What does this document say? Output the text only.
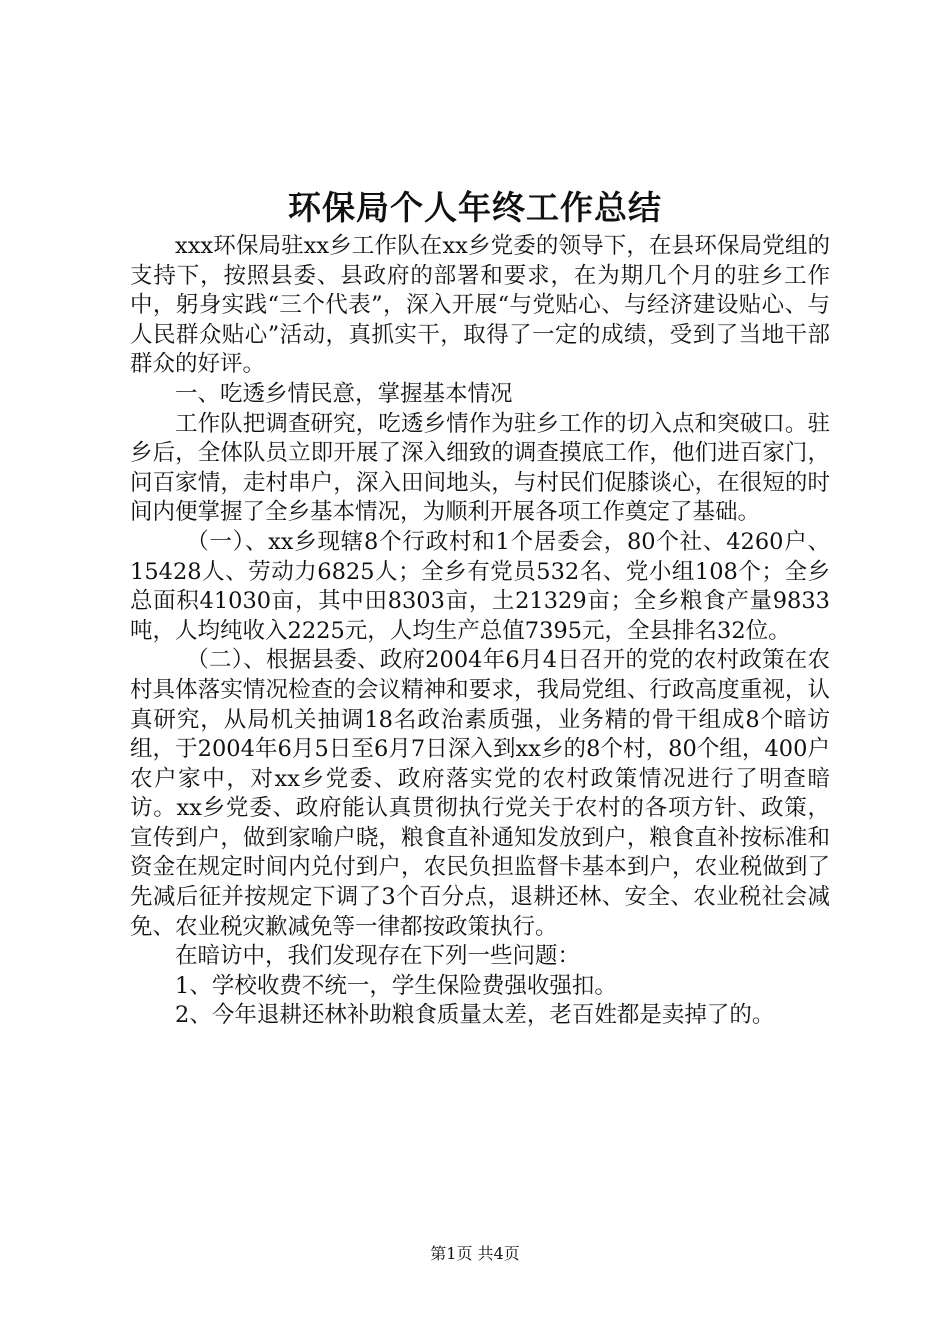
环保局个人年终工作总结

xxx环保局驻xx乡工作队在xx乡党委的领导下，在县环保局党组的支持下，按照县委、县政府的部署和要求，在为期几个月的驻乡工作中，躬身实践“三个代表”，深入开展“与党贴心、与经济建设贴心、与人民群众贴心”活动，真抓实干，取得了一定的成绩，受到了当地干部群众的好评。

一、吃透乡情民意，掌握基本情况

工作队把调查研究，吃透乡情作为驻乡工作的切入点和突破口。驻乡后，全体队员立即开展了深入细致的调查摸底工作，他们进百家门，问百家情，走村串户，深入田间地头，与村民们促膝谈心，在很短的时间内便掌握了全乡基本情况，为顺利开展各项工作奠定了基础。

（一）、xx乡现辖8个行政村和1个居委会，80个社、4260户、15428人、劳动力6825人；全乡有党员532名、党小组108个；全乡总面积41030亩，其中田8303亩，土21329亩；全乡粮食产量9833吨，人均纯收入2225元，人均生产总值7395元，全县排名32位。

（二）、根据县委、政府2004年6月4日召开的党的农村政策在农村具体落实情况检查的会议精神和要求，我局党组、行政高度重视，认真研究，从局机关抽调18名政治素质强，业务精的骨干组成8个暗访组，于2004年6月5日至6月7日深入到xx乡的8个村，80个组，400户农户家中，对xx乡党委、政府落实党的农村政策情况进行了明查暗访。xx乡党委、政府能认真贯彻执行党关于农村的各项方针、政策，宣传到户，做到家喻户晓，粮食直补通知发放到户，粮食直补按标准和资金在规定时间内兑付到户，农民负担监督卡基本到户，农业税做到了先减后征并按规定下调了3个百分点，退耕还林、安全、农业税社会减免、农业税灾歉减免等一律都按政策执行。

在暗访中，我们发现存在下列一些问题：

1、学校收费不统一，学生保险费强收强扣。

2、今年退耕还林补助粮食质量太差，老百姓都是卖掉了的。

第1页 共4页
